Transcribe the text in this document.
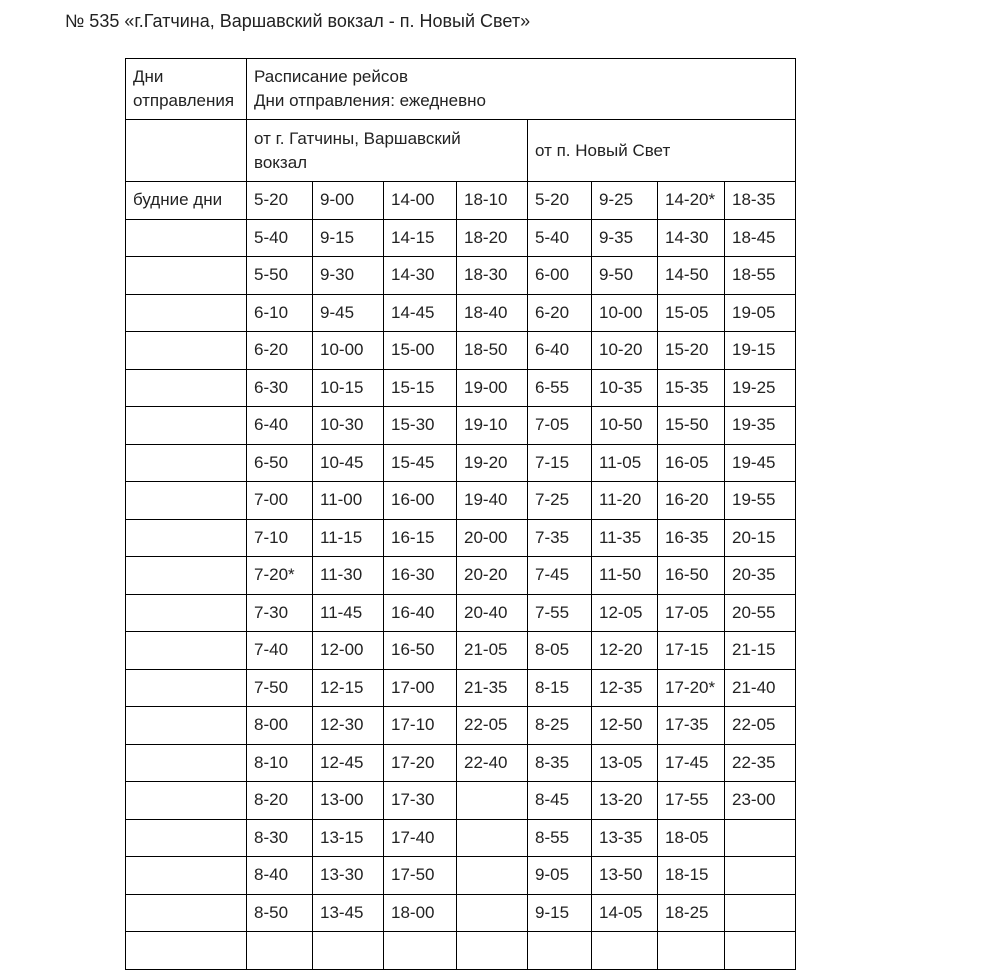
№ 535 «г.Гатчина, Варшавский вокзал - п. Новый Свет»
Дни
отправления	Расписание рейсов
Дни отправления: ежедневно							

	от г. Гатчины, Варшавский
вокзал				от п. Новый Свет			
будние дни	5-20	9-00	14-00	18-10	5-20	9-25	14-20*	18-35
	5-40	9-15	14-15	18-20	5-40	9-35	14-30	18-45
	5-50	9-30	14-30	18-30	6-00	9-50	14-50	18-55
	6-10	9-45	14-45	18-40	6-20	10-00	15-05	19-05
	6-20	10-00	15-00	18-50	6-40	10-20	15-20	19-15
	6-30	10-15	15-15	19-00	6-55	10-35	15-35	19-25
	6-40	10-30	15-30	19-10	7-05	10-50	15-50	19-35
	6-50	10-45	15-45	19-20	7-15	11-05	16-05	19-45
	7-00	11-00	16-00	19-40	7-25	11-20	16-20	19-55
	7-10	11-15	16-15	20-00	7-35	11-35	16-35	20-15
	7-20*	11-30	16-30	20-20	7-45	11-50	16-50	20-35
	7-30	11-45	16-40	20-40	7-55	12-05	17-05	20-55
	7-40	12-00	16-50	21-05	8-05	12-20	17-15	21-15
	7-50	12-15	17-00	21-35	8-15	12-35	17-20*	21-40
	8-00	12-30	17-10	22-05	8-25	12-50	17-35	22-05
	8-10	12-45	17-20	22-40	8-35	13-05	17-45	22-35
	8-20	13-00	17-30		8-45	13-20	17-55	23-00
	8-30	13-15	17-40		8-55	13-35	18-05	
	8-40	13-30	17-50		9-05	13-50	18-15	
	8-50	13-45	18-00		9-15	14-05	18-25	
